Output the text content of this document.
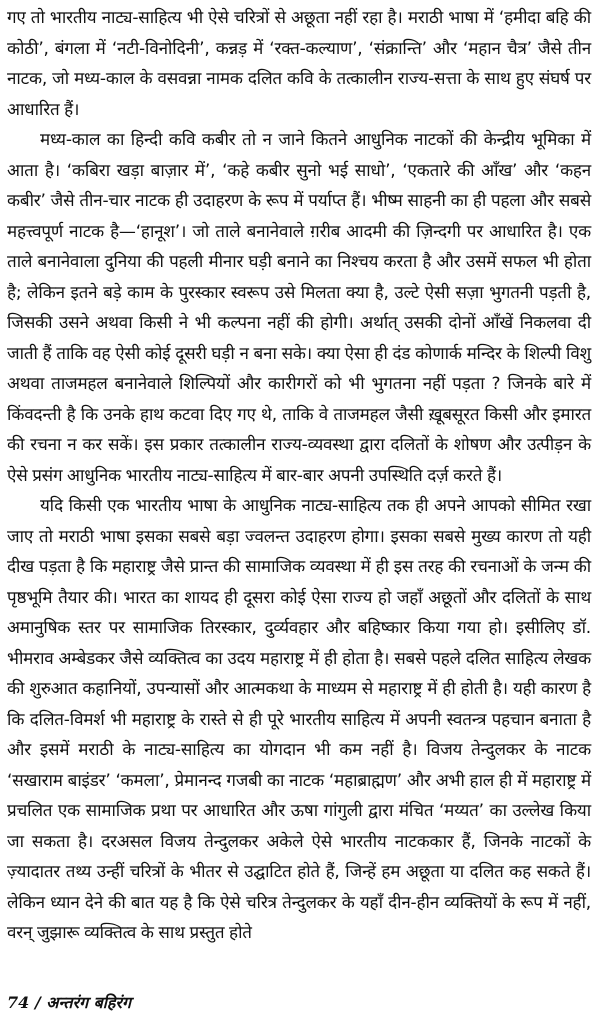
गए तो भारतीय नाट्य-साहित्य भी ऐसे चरित्रों से अछूता नहीं रहा है। मराठी भाषा में ‘हमीदा बहि की कोठी’, बंगला में ‘नटी-विनोदिनी’, कन्नड़ में ‘रक्त-कल्याण’, ‘संक्रान्ति’ और ‘महान चैत्र’ जैसे तीन नाटक, जो मध्य-काल के वसवन्ना नामक दलित कवि के तत्कालीन राज्य-सत्ता के साथ हुए संघर्ष पर आधारित हैं।

मध्य-काल का हिन्दी कवि कबीर तो न जाने कितने आधुनिक नाटकों की केन्द्रीय भूमिका में आता है। ‘कबिरा खड़ा बाज़ार में’, ‘कहे कबीर सुनो भई साधो’, ‘एकतारे की आँख’ और ‘कहन कबीर’ जैसे तीन-चार नाटक ही उदाहरण के रूप में पर्याप्त हैं। भीष्म साहनी का ही पहला और सबसे महत्त्वपूर्ण नाटक है—‘हानूश’। जो ताले बनानेवाले ग़रीब आदमी की ज़िन्दगी पर आधारित है। एक ताले बनानेवाला दुनिया की पहली मीनार घड़ी बनाने का निश्चय करता है और उसमें सफल भी होता है; लेकिन इतने बड़े काम के पुरस्कार स्वरूप उसे मिलता क्या है, उल्टे ऐसी सज़ा भुगतनी पड़ती है, जिसकी उसने अथवा किसी ने भी कल्पना नहीं की होगी। अर्थात् उसकी दोनों आँखें निकलवा दी जाती हैं ताकि वह ऐसी कोई दूसरी घड़ी न बना सके। क्या ऐसा ही दंड कोणार्क मन्दिर के शिल्पी विशु अथवा ताजमहल बनानेवाले शिल्पियों और कारीगरों को भी भुगतना नहीं पड़ता ? जिनके बारे में किंवदन्ती है कि उनके हाथ कटवा दिए गए थे, ताकि वे ताजमहल जैसी ख़ूबसूरत किसी और इमारत की रचना न कर सकें। इस प्रकार तत्कालीन राज्य-व्यवस्था द्वारा दलितों के शोषण और उत्पीड़न के ऐसे प्रसंग आधुनिक भारतीय नाट्य-साहित्य में बार-बार अपनी उपस्थिति दर्ज़ करते हैं।

यदि किसी एक भारतीय भाषा के आधुनिक नाट्य-साहित्य तक ही अपने आपको सीमित रखा जाए तो मराठी भाषा इसका सबसे बड़ा ज्वलन्त उदाहरण होगा। इसका सबसे मुख्य कारण तो यही दीख पड़ता है कि महाराष्ट्र जैसे प्रान्त की सामाजिक व्यवस्था में ही इस तरह की रचनाओं के जन्म की पृष्ठभूमि तैयार की। भारत का शायद ही दूसरा कोई ऐसा राज्य हो जहाँ अछूतों और दलितों के साथ अमानुषिक स्तर पर सामाजिक तिरस्कार, दुर्व्यवहार और बहिष्कार किया गया हो। इसीलिए डॉ. भीमराव अम्बेडकर जैसे व्यक्तित्व का उदय महाराष्ट्र में ही होता है। सबसे पहले दलित साहित्य लेखक की शुरुआत कहानियों, उपन्यासों और आत्मकथा के माध्यम से महाराष्ट्र में ही होती है। यही कारण है कि दलित-विमर्श भी महाराष्ट्र के रास्ते से ही पूरे भारतीय साहित्य में अपनी स्वतन्त्र पहचान बनाता है और इसमें मराठी के नाट्य-साहित्य का योगदान भी कम नहीं है। विजय तेन्दुलकर के नाटक ‘सखाराम बाइंडर’ ‘कमला’, प्रेमानन्द गजबी का नाटक ‘महाब्राह्मण’ और अभी हाल ही में महाराष्ट्र में प्रचलित एक सामाजिक प्रथा पर आधारित और ऊषा गांगुली द्वारा मंचित ‘मय्यत’ का उल्लेख किया जा सकता है। दरअसल विजय तेन्दुलकर अकेले ऐसे भारतीय नाटककार हैं, जिनके नाटकों के ज़्यादातर तथ्य उन्हीं चरित्रों के भीतर से उद्घाटित होते हैं, जिन्हें हम अछूता या दलित कह सकते हैं। लेकिन ध्यान देने की बात यह है कि ऐसे चरित्र तेन्दुलकर के यहाँ दीन-हीन व्यक्तियों के रूप में नहीं, वरन् जुझारू व्यक्तित्व के साथ प्रस्तुत होते

74 / अन्तरंग बहिरंग
